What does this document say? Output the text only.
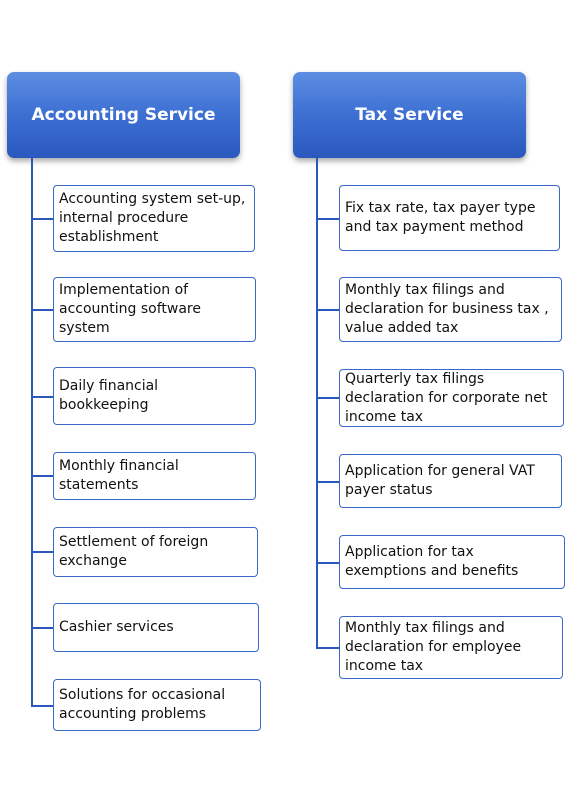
Accounting Service	Tax Service
Accounting system set-up, internal procedure establishment
Implementation of accounting software system
Daily financial bookkeeping
Monthly financial statements
Settlement of foreign exchange
Cashier services
Solutions for occasional accounting problems
Fix tax rate, tax payer type and tax payment method
Monthly tax filings and declaration for business tax , value added tax
Quarterly tax filings declaration for corporate net income tax
Application for general VAT payer status
Application for tax exemptions and benefits
Monthly tax filings and declaration for employee income tax
